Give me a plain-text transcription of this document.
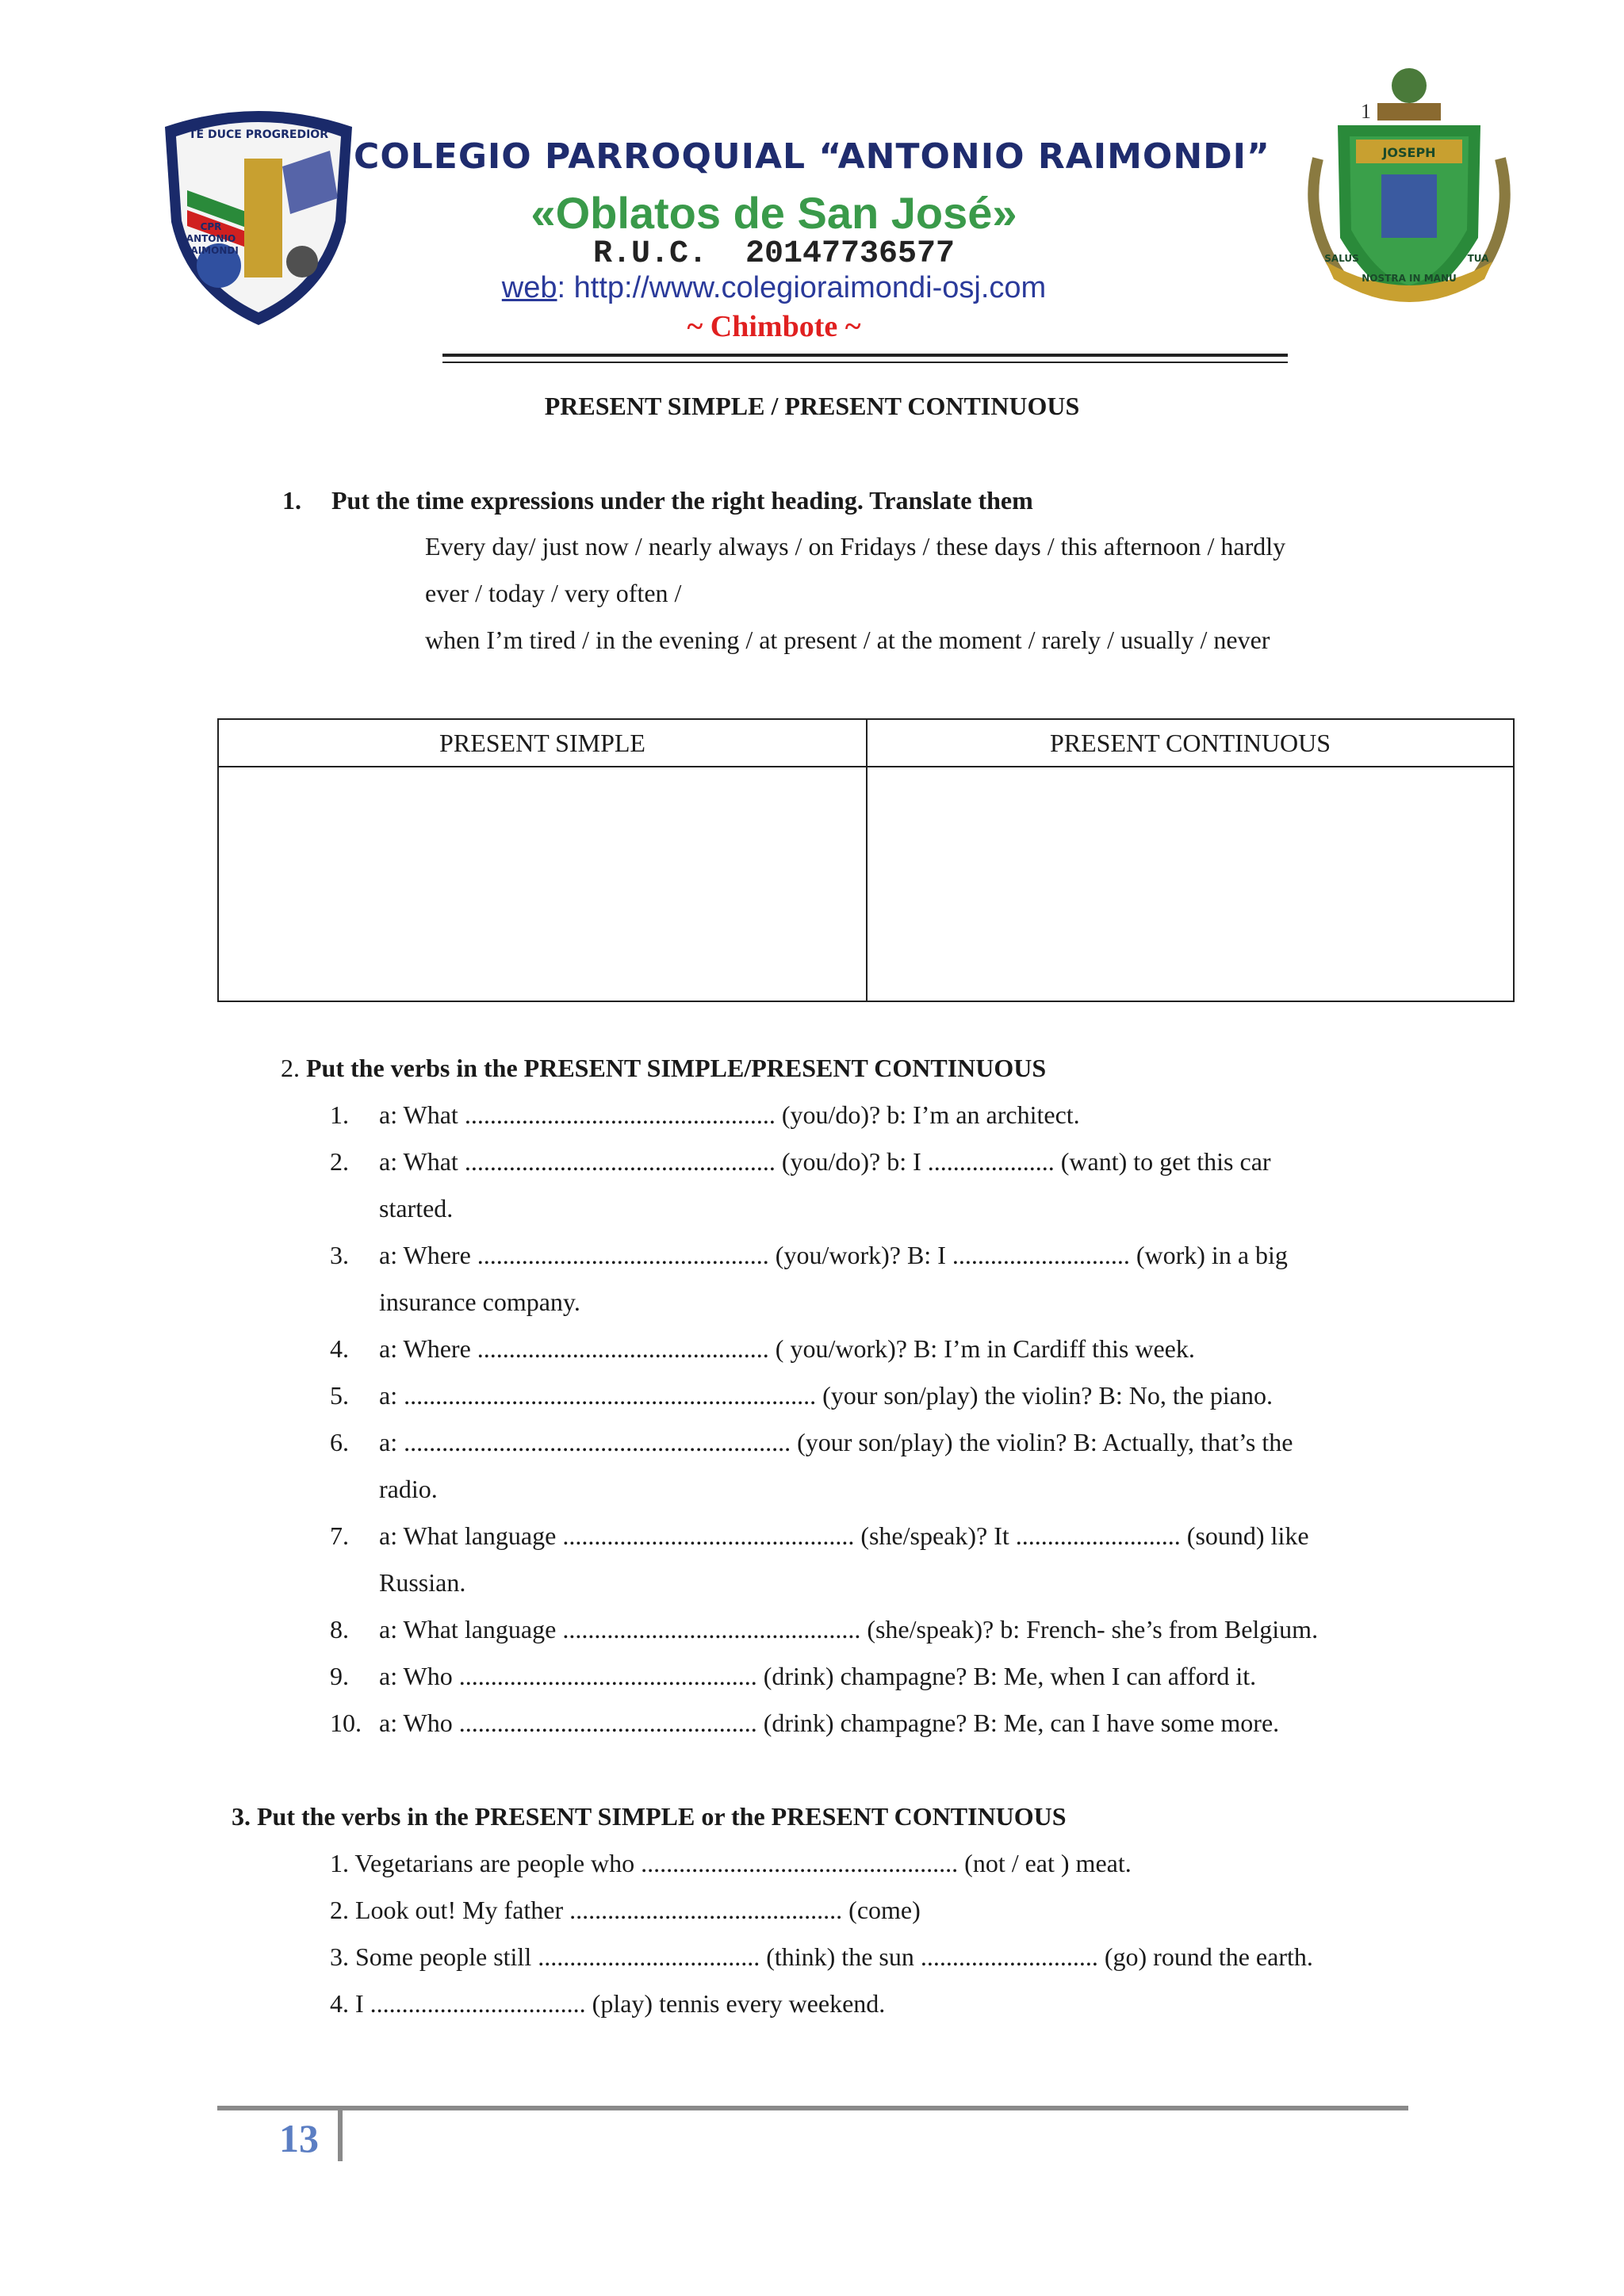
TE DUCE PROGREDIOR
CPR
ANTONIO
RAIMONDI
1
COLEGIO PARROQUIAL “ANTONIO RAIMONDI”
«Oblatos de San José»
R.U.C.  20147736577
web: http://www.colegioraimondi-osj.com
~ Chimbote ~
JOSEPH
NOSTRA IN MANU
SALUS	TUA
PRESENT SIMPLE / PRESENT CONTINUOUS
1. Put the time expressions under the right heading. Translate them
Every day/ just now / nearly always / on Fridays / these days / this afternoon / hardly
ever / today / very often /
when I’m tired / in the evening / at present / at the moment / rarely / usually / never
PRESENT SIMPLE	PRESENT CONTINUOUS
2. Put the verbs in the PRESENT SIMPLE/PRESENT CONTINUOUS
1. a: What ................................................. (you/do)? b: I’m an architect.
2. a: What ................................................. (you/do)? b: I .................... (want) to get this car
started.
3. a: Where .............................................. (you/work)? B: I ............................ (work) in a big
insurance company.
4. a: Where .............................................. ( you/work)? B: I’m in Cardiff this week.
5. a: ................................................................. (your son/play) the violin? B: No, the piano.
6. a: ............................................................. (your son/play) the violin? B: Actually, that’s the
radio.
7. a: What language .............................................. (she/speak)? It .......................... (sound) like
Russian.
8. a: What language ............................................... (she/speak)? b: French- she’s from Belgium.
9. a: Who ............................................... (drink) champagne? B: Me, when I can afford it.
10. a: Who ............................................... (drink) champagne? B: Me, can I have some more.
3. Put the verbs in the PRESENT SIMPLE or the PRESENT CONTINUOUS
1. Vegetarians are people who .................................................. (not / eat ) meat.
2. Look out! My father ........................................... (come)
3. Some people still ................................... (think) the sun ............................ (go) round the earth.
4. I .................................. (play) tennis every weekend.
13
